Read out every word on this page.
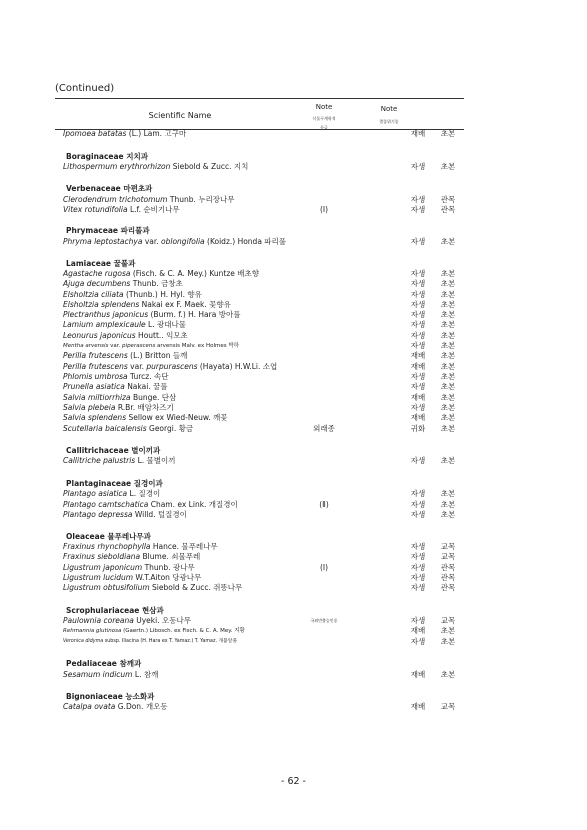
(Continued)
Scientific Name
Note
식물구계학적
등급
Note
멸종위기종
Ipomoea batatas (L.) Lam. 고구마	재배	초본
Boraginaceae 지치과
Lithospermum erythrorhizon Siebold & Zucc. 지치	자생	초본
Verbenaceae 마편초과
Clerodendrum trichotomum Thunb. 누리장나무	자생	관목
Vitex rotundifolia L.f. 순비기나무	(Ⅰ)	자생	관목
Phrymaceae 파리풀과
Phryma leptostachya var. oblongifolia (Koidz.) Honda 파리풀	자생	초본
Lamiaceae 꿀풀과
Agastache rugosa (Fisch. & C. A. Mey.) Kuntze 배초향	자생	초본
Ajuga decumbens Thunb. 금창초	자생	초본
Elsholtzia ciliata (Thunb.) H. Hyl. 향유	자생	초본
Elsholtzia splendens Nakai ex F. Maek. 꽃향유	자생	초본
Plectranthus japonicus (Burm. f.) H. Hara 방아풀	자생	초본
Lamium amplexicaule L. 광대나물	자생	초본
Leonurus japonicus Houtt.. 익모초	자생	초본
Mentha arvensis var. piperascens arvensis Malv. ex Holmes 박하	자생	초본
Perilla frutescens (L.) Britton 들깨	재배	초본
Perilla frutescens var. purpurascens (Hayata) H.W.Li. 소엽	재배	초본
Phlomis umbrosa Turcz. 속단	자생	초본
Prunella asiatica Nakai. 꿀풀	자생	초본
Salvia miltiorrhiza Bunge. 단삼	재배	초본
Salvia plebeia R.Br. 배암차즈기	자생	초본
Salvia splendens Sellow ex Wied-Neuw. 깨꽃	재배	초본
Scutellaria baicalensis Georgi. 황금	외래종	귀화	초본
Callitrichaceae 별이끼과
Callitriche palustris L. 물별이끼	자생	초본
Plantaginaceae 질경이과
Plantago asiatica L. 질경이	자생	초본
Plantago camtschatica Cham. ex Link. 개질경이	(Ⅱ)	자생	초본
Plantago depressa Willd. 털질경이	자생	초본
Oleaceae 물푸레나무과
Fraxinus rhynchophylla Hance. 물푸레나무	자생	교목
Fraxinus sieboldiana Blume. 쇠물푸레	자생	교목
Ligustrum japonicum Thunb. 광나무	(Ⅰ)	자생	관목
Ligustrum lucidum W.T.Aiton 당광나무	자생	관목
Ligustrum obtusifolium Siebold & Zucc. 쥐똥나무	자생	관목
Scrophulariaceae 현삼과
Paulownia coreana Uyeki. 오동나무	국외반출승인종	자생	교목
Rehmannia glutinosa (Gaertn.) Libosch. ex Fisch. & C. A. Mey. 지황	재배	초본
Veronica didyma subsp. Illacina (H. Hara ex T. Yamaz.) T. Yamaz. 개불알풀	자생	초본
Pedaliaceae 참깨과
Sesamum indicum L. 참깨	재배	초본
Bignoniaceae 능소화과
Catalpa ovata G.Don. 개오동	재배	교목
- 62 -
